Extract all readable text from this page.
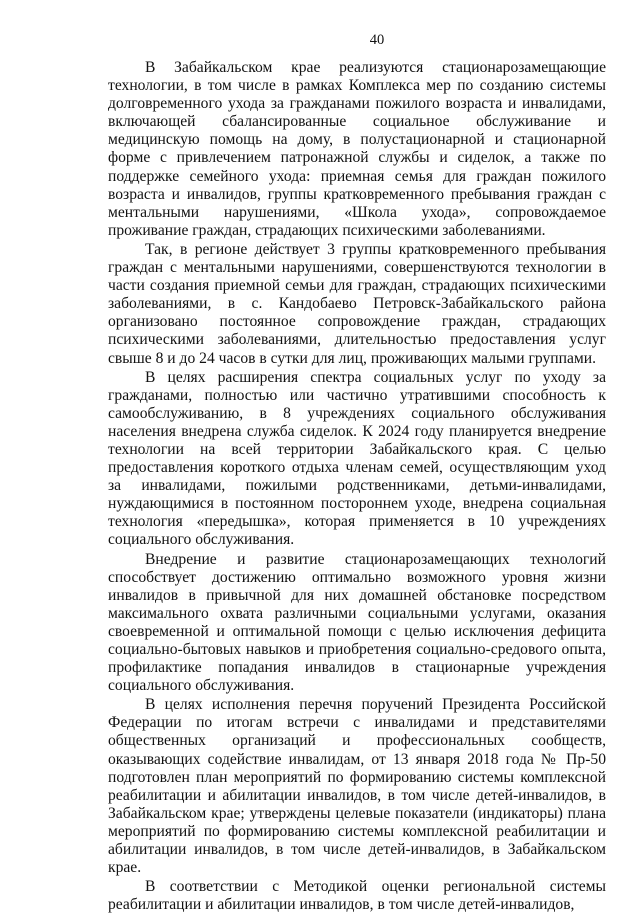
40

В Забайкальском крае реализуются стационарозамещающие технологии, в том числе в рамках Комплекса мер по созданию системы долговременного ухода за гражданами пожилого возраста и инвалидами, включающей сбалансированные социальное обслуживание и медицинскую помощь на дому, в полустационарной и стационарной форме с привлечением патронажной службы и сиделок, а также по поддержке семейного ухода: приемная семья для граждан пожилого возраста и инвалидов, группы кратковременного пребывания граждан с ментальными нарушениями, «Школа ухода», сопровождаемое проживание граждан, страдающих психическими заболеваниями.

Так, в регионе действует 3 группы кратковременного пребывания граждан с ментальными нарушениями, совершенствуются технологии в части создания приемной семьи для граждан, страдающих психическими заболеваниями, в с. Кандобаево Петровск-Забайкальского района организовано постоянное сопровождение граждан, страдающих психическими заболеваниями, длительностью предоставления услуг свыше 8 и до 24 часов в сутки для лиц, проживающих малыми группами.

В целях расширения спектра социальных услуг по уходу за гражданами, полностью или частично утратившими способность к самообслуживанию, в 8 учреждениях социального обслуживания населения внедрена служба сиделок. К 2024 году планируется внедрение технологии на всей территории Забайкальского края. С целью предоставления короткого отдыха членам семей, осуществляющим уход за инвалидами, пожилыми родственниками, детьми-инвалидами, нуждающимися в постоянном постороннем уходе, внедрена социальная технология «передышка», которая применяется в 10 учреждениях социального обслуживания.

Внедрение и развитие стационарозамещающих технологий способствует достижению оптимально возможного уровня жизни инвалидов в привычной для них домашней обстановке посредством максимального охвата различными социальными услугами, оказания своевременной и оптимальной помощи с целью исключения дефицита социально-бытовых навыков и приобретения социально-средового опыта, профилактике попадания инвалидов в стационарные учреждения социального обслуживания.

В целях исполнения перечня поручений Президента Российской Федерации по итогам встречи с инвалидами и представителями общественных организаций и профессиональных сообществ, оказывающих содействие инвалидам, от 13 января 2018 года № Пр-50 подготовлен план мероприятий по формированию системы комплексной реабилитации и абилитации инвалидов, в том числе детей-инвалидов, в Забайкальском крае; утверждены целевые показатели (индикаторы) плана мероприятий по формированию системы комплексной реабилитации и абилитации инвалидов, в том числе детей-инвалидов, в Забайкальском крае.

В соответствии с Методикой оценки региональной системы реабилитации и абилитации инвалидов, в том числе детей-инвалидов,
